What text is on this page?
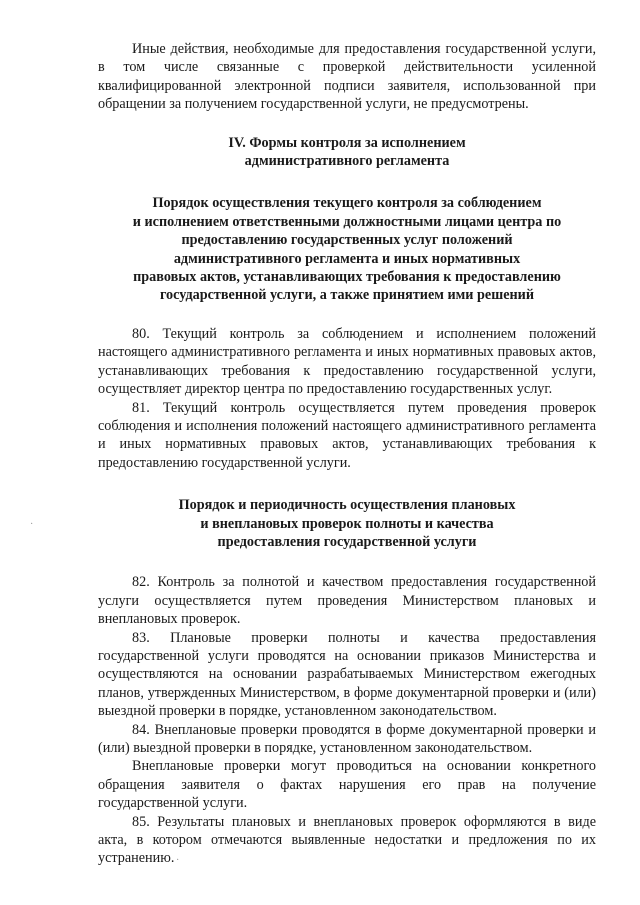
Иные действия, необходимые для предоставления государственной услуги, в том числе связанные с проверкой действительности усиленной квалифицированной электронной подписи заявителя, использованной при обращении за получением государственной услуги, не предусмотрены.

IV. Формы контроля за исполнением
административного регламента
Порядок осуществления текущего контроля за соблюдением
и исполнением ответственными должностными лицами центра по
предоставлению государственных услуг положений
административного регламента и иных нормативных
правовых актов, устанавливающих требования к предоставлению
государственной услуги, а также принятием ими решений

80. Текущий контроль за соблюдением и исполнением положений настоящего административного регламента и иных нормативных правовых актов, устанавливающих требования к предоставлению государственной услуги, осуществляет директор центра по предоставлению государственных услуг.

81. Текущий контроль осуществляется путем проведения проверок соблюдения и исполнения положений настоящего административного регламента и иных нормативных правовых актов, устанавливающих требования к предоставлению государственной услуги.

Порядок и периодичность осуществления плановых
и внеплановых проверок полноты и качества
предоставления государственной услуги

82. Контроль за полнотой и качеством предоставления государственной услуги осуществляется путем проведения Министерством плановых и внеплановых проверок.

83. Плановые проверки полноты и качества предоставления государственной услуги проводятся на основании приказов Министерства и осуществляются на основании разрабатываемых Министерством ежегодных планов, утвержденных Министерством, в форме документарной проверки и (или) выездной проверки в порядке, установленном законодательством.

84. Внеплановые проверки проводятся в форме документарной проверки и (или) выездной проверки в порядке, установленном законодательством.

Внеплановые проверки могут проводиться на основании конкретного обращения заявителя о фактах нарушения его прав на получение государственной услуги.

85. Результаты плановых и внеплановых проверок оформляются в виде акта, в котором отмечаются выявленные недостатки и предложения по их устранению.

·
·
